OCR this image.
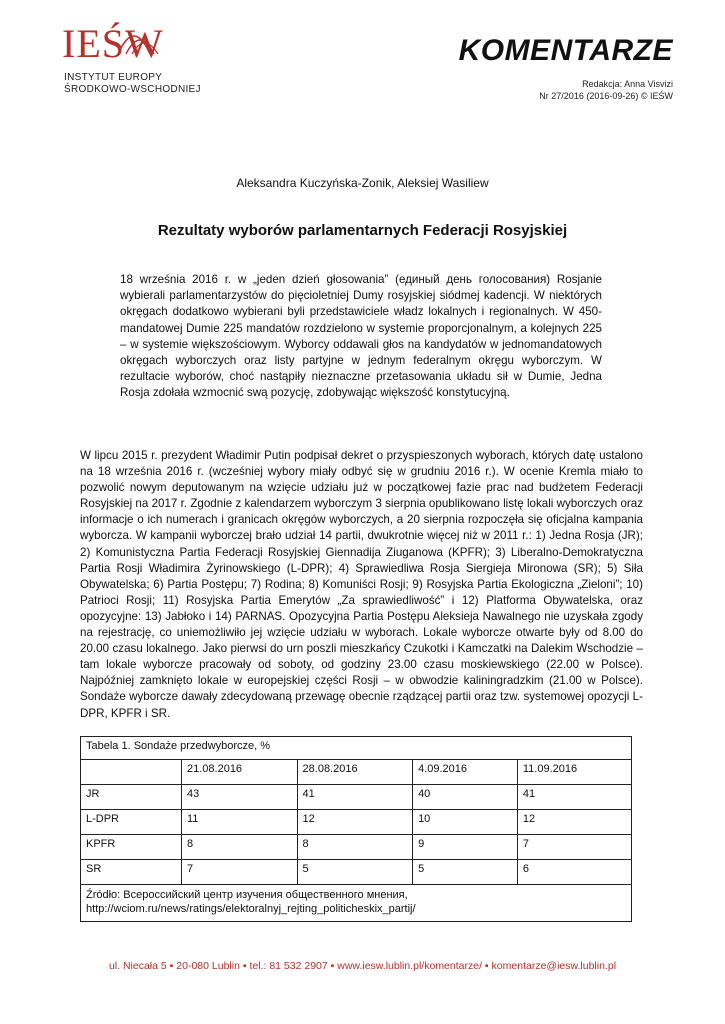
IEŚW
INSTYTUT EUROPY
ŚRODKOWO-WSCHODNIEJ
KOMENTARZE
Redakcja: Anna Visvizi
Nr 27/2016 (2016-09-26) © IEŚW
Aleksandra Kuczyńska-Zonik, Aleksiej Wasiliew
Rezultaty wyborów parlamentarnych Federacji Rosyjskiej
18 września 2016 r. w „jeden dzień głosowania” (единый день голосования) Rosjanie wybierali parlamentarzystów do pięcioletniej Dumy rosyjskiej siódmej kadencji. W niektórych okręgach dodatkowo wybierani byli przedstawiciele władz lokalnych i regionalnych. W 450-mandatowej Dumie 225 mandatów rozdzielono w systemie proporcjonalnym, a kolejnych 225 – w systemie większościowym. Wyborcy oddawali głos na kandydatów w jednomandatowych okręgach wyborczych oraz listy partyjne w jednym federalnym okręgu wyborczym. W rezultacie wyborów, choć nastąpiły nieznaczne przetasowania układu sił w Dumie, Jedna Rosja zdołała wzmocnić swą pozycję, zdobywając większość konstytucyjną.
W lipcu 2015 r. prezydent Władimir Putin podpisał dekret o przyspieszonych wyborach, których datę ustalono na 18 września 2016 r. (wcześniej wybory miały odbyć się w grudniu 2016 r.). W ocenie Kremla miało to pozwolić nowym deputowanym na wzięcie udziału już w początkowej fazie prac nad budżetem Federacji Rosyjskiej na 2017 r. Zgodnie z kalendarzem wyborczym 3 sierpnia opublikowano listę lokali wyborczych oraz informacje o ich numerach i granicach okręgów wyborczych, a 20 sierpnia rozpoczęła się oficjalna kampania wyborcza. W kampanii wyborczej brało udział 14 partii, dwukrotnie więcej niż w 2011 r.: 1) Jedna Rosja (JR); 2) Komunistyczna Partia Federacji Rosyjskiej Giennadija Ziuganowa (KPFR); 3) Liberalno-Demokratyczna Partia Rosji Władimira Żyrinowskiego (L-DPR); 4) Sprawiedliwa Rosja Siergieja Mironowa (SR); 5) Siła Obywatelska; 6) Partia Postępu; 7) Rodina; 8) Komuniści Rosji; 9) Rosyjska Partia Ekologiczna „Zieloni”; 10) Patrioci Rosji; 11) Rosyjska Partia Emerytów „Za sprawiedliwość” i 12) Platforma Obywatelska, oraz opozycyjne: 13) Jabłoko i 14) PARNAS. Opozycyjna Partia Postępu Aleksieja Nawalnego nie uzyskała zgody na rejestrację, co uniemożliwiło jej wzięcie udziału w wyborach. Lokale wyborcze otwarte były od 8.00 do 20.00 czasu lokalnego. Jako pierwsi do urn poszli mieszkańcy Czukotki i Kamczatki na Dalekim Wschodzie – tam lokale wyborcze pracowały od soboty, od godziny 23.00 czasu moskiewskiego (22.00 w Polsce). Najpóźniej zamknięto lokale w europejskiej części Rosji – w obwodzie kaliningradzkim (21.00 w Polsce). Sondaże wyborcze dawały zdecydowaną przewagę obecnie rządzącej partii oraz tzw. systemowej opozycji L-DPR, KPFR i SR.
Tabela 1. Sondaże przedwyborcze, %				
	21.08.2016	28.08.2016	4.09.2016	11.09.2016
JR	43	41	40	41
L-DPR	11	12	10	12
KPFR	8	8	9	7
SR	7	5	5	6

Źródło: Всероссийский центр изучения общественного мнения,
http://wciom.ru/news/ratings/elektoralnyj_rejting_politicheskix_partij/				
ul. Niecała 5 ▪ 20-080 Lublin ▪ tel.: 81 532 2907 ▪ www.iesw.lublin.pl/komentarze/ ▪ komentarze@iesw.lublin.pl
